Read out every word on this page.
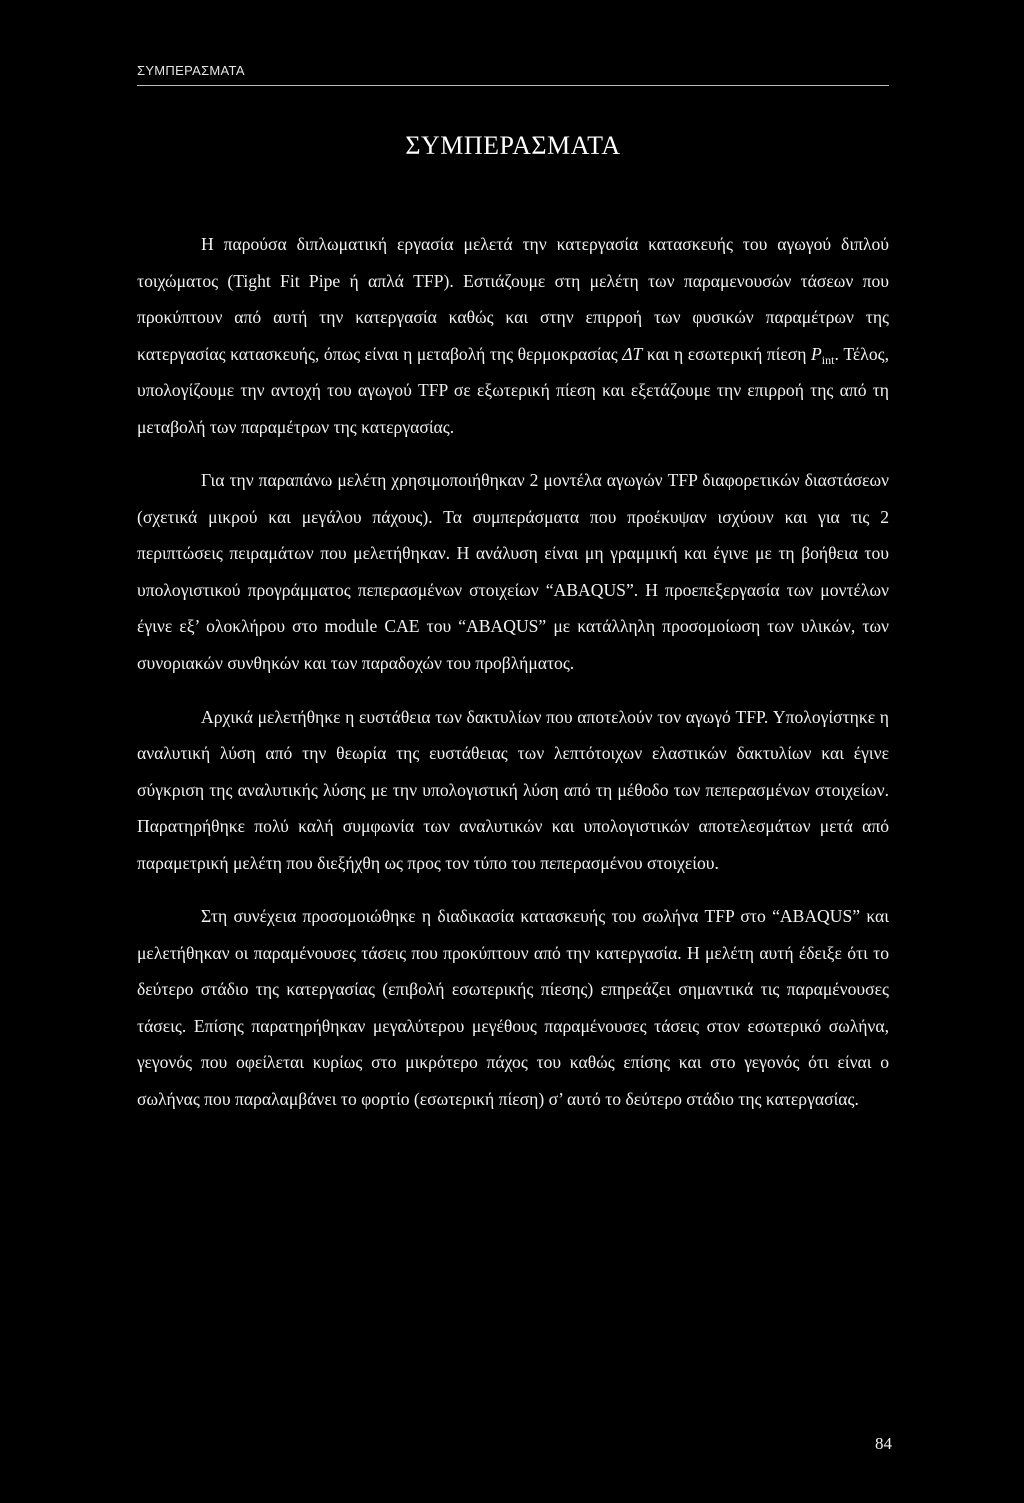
ΣΥΜΠΕΡΑΣΜΑΤΑ
ΣΥΜΠΕΡΑΣΜΑΤΑ

Η παρούσα διπλωματική εργασία μελετά την κατεργασία κατασκευής του αγωγού διπλού τοιχώματος (Tight Fit Pipe ή απλά TFP). Εστιάζουμε στη μελέτη των παραμενουσών τάσεων που προκύπτουν από αυτή την κατεργασία καθώς και στην επιρροή των φυσικών παραμέτρων της κατεργασίας κατασκευής, όπως είναι η μεταβολή της θερμοκρασίας ΔT και η εσωτερική πίεση $P_{int}$. Τέλος, υπολογίζουμε την αντοχή του αγωγού TFP σε εξωτερική πίεση και εξετάζουμε την επιρροή της από τη μεταβολή των παραμέτρων της κατεργασίας.

Για την παραπάνω μελέτη χρησιμοποιήθηκαν 2 μοντέλα αγωγών TFP διαφορετικών διαστάσεων (σχετικά μικρού και μεγάλου πάχους). Τα συμπεράσματα που προέκυψαν ισχύουν και για τις 2 περιπτώσεις πειραμάτων που μελετήθηκαν. Η ανάλυση είναι μη γραμμική και έγινε με τη βοήθεια του υπολογιστικού προγράμματος πεπερασμένων στοιχείων “ABAQUS”. Η προεπεξεργασία των μοντέλων έγινε εξ’ ολοκλήρου στο module CAE του “ABAQUS” με κατάλληλη προσομοίωση των υλικών, των συνοριακών συνθηκών και των παραδοχών του προβλήματος.

Αρχικά μελετήθηκε η ευστάθεια των δακτυλίων που αποτελούν τον αγωγό TFP. Υπολογίστηκε η αναλυτική λύση από την θεωρία της ευστάθειας των λεπτότοιχων ελαστικών δακτυλίων και έγινε σύγκριση της αναλυτικής λύσης με την υπολογιστική λύση από τη μέθοδο των πεπερασμένων στοιχείων. Παρατηρήθηκε πολύ καλή συμφωνία των αναλυτικών και υπολογιστικών αποτελεσμάτων μετά από παραμετρική μελέτη που διεξήχθη ως προς τον τύπο του πεπερασμένου στοιχείου.

Στη συνέχεια προσομοιώθηκε η διαδικασία κατασκευής του σωλήνα TFP στο “ABAQUS” και μελετήθηκαν οι παραμένουσες τάσεις που προκύπτουν από την κατεργασία. Η μελέτη αυτή έδειξε ότι το δεύτερο στάδιο της κατεργασίας (επιβολή εσωτερικής πίεσης) επηρεάζει σημαντικά τις παραμένουσες τάσεις. Επίσης παρατηρήθηκαν μεγαλύτερου μεγέθους παραμένουσες τάσεις στον εσωτερικό σωλήνα, γεγονός που οφείλεται κυρίως στο μικρότερο πάχος του καθώς επίσης και στο γεγονός ότι είναι ο σωλήνας που παραλαμβάνει το φορτίο (εσωτερική πίεση) σ’ αυτό το δεύτερο στάδιο της κατεργασίας.

84
